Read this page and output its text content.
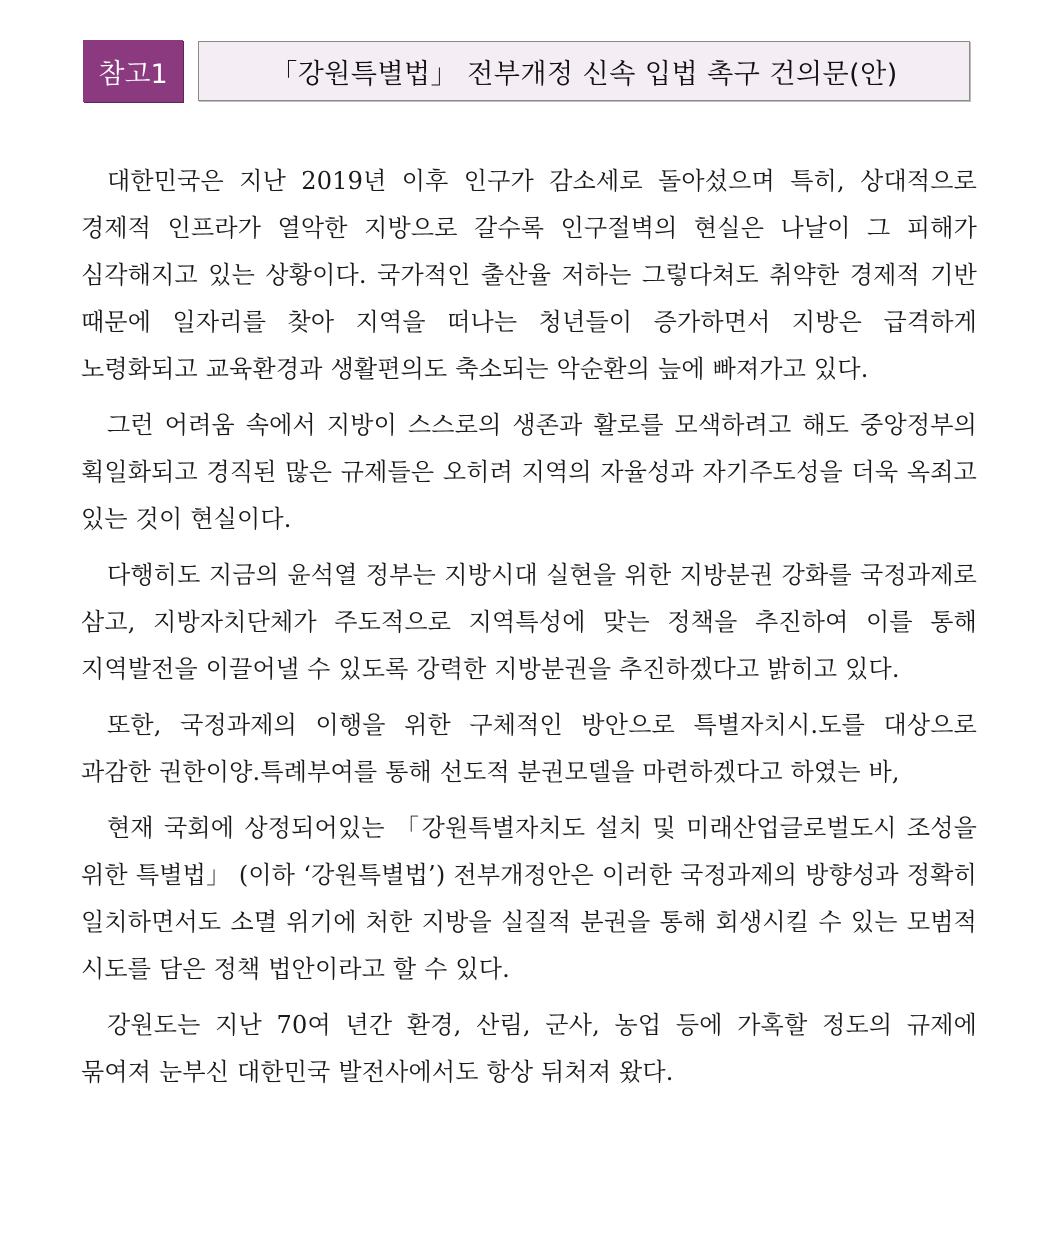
참고1	「강원특별법」 전부개정 신속 입법 촉구 건의문(안)

대한민국은 지난 2019년 이후 인구가 감소세로 돌아섰으며 특히, 상대적으로 경제적 인프라가 열악한 지방으로 갈수록 인구절벽의 현실은 나날이 그 피해가 심각해지고 있는 상황이다. 국가적인 출산율 저하는 그렇다쳐도 취약한 경제적 기반 때문에 일자리를 찾아 지역을 떠나는 청년들이 증가하면서 지방은 급격하게 노령화되고 교육환경과 생활편의도 축소되는 악순환의 늪에 빠져가고 있다.

그런 어려움 속에서 지방이 스스로의 생존과 활로를 모색하려고 해도 중앙정부의 획일화되고 경직된 많은 규제들은 오히려 지역의 자율성과 자기주도성을 더욱 옥죄고 있는 것이 현실이다.

다행히도 지금의 윤석열 정부는 지방시대 실현을 위한 지방분권 강화를 국정과제로 삼고, 지방자치단체가 주도적으로 지역특성에 맞는 정책을 추진하여 이를 통해 지역발전을 이끌어낼 수 있도록 강력한 지방분권을 추진하겠다고 밝히고 있다.

또한, 국정과제의 이행을 위한 구체적인 방안으로 특별자치시.도를 대상으로 과감한 권한이양.특례부여를 통해 선도적 분권모델을 마련하겠다고 하였는 바,

현재 국회에 상정되어있는 「강원특별자치도 설치 및 미래산업글로벌도시 조성을 위한 특별법」 (이하 ‘강원특별법’) 전부개정안은 이러한 국정과제의 방향성과 정확히 일치하면서도 소멸 위기에 처한 지방을 실질적 분권을 통해 회생시킬 수 있는 모범적 시도를 담은 정책 법안이라고 할 수 있다.

강원도는 지난 70여 년간 환경, 산림, 군사, 농업 등에 가혹할 정도의 규제에 묶여져 눈부신 대한민국 발전사에서도 항상 뒤처져 왔다.
